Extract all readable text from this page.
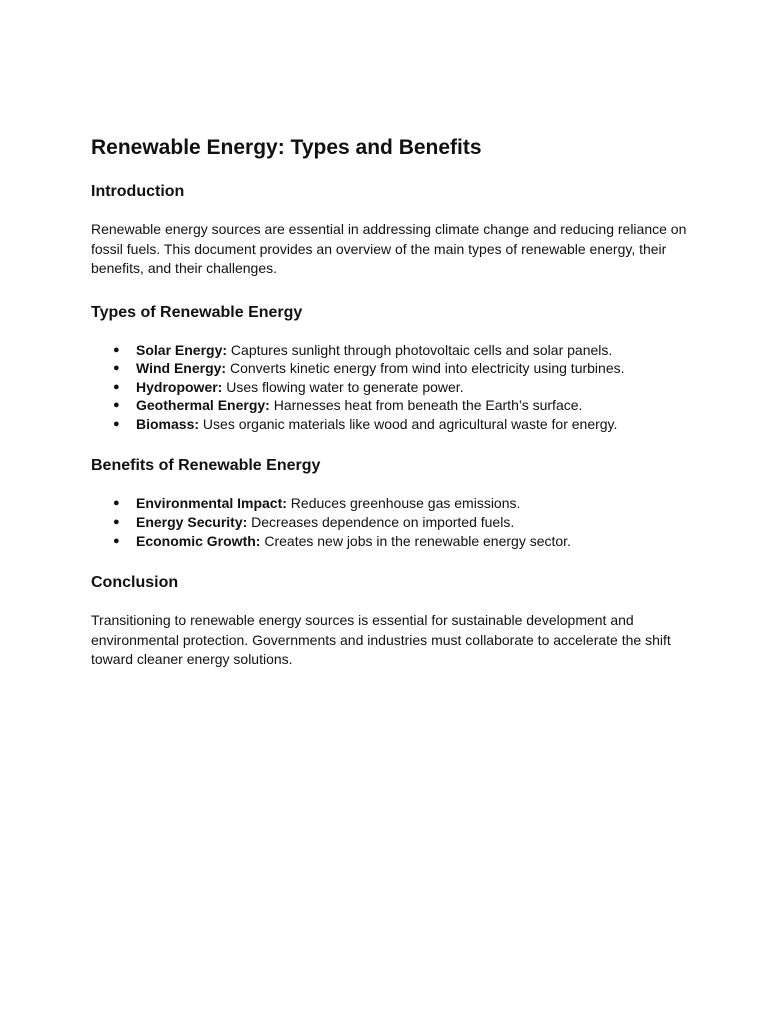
Renewable Energy: Types and Benefits
Introduction

Renewable energy sources are essential in addressing climate change and reducing reliance on fossil fuels. This document provides an overview of the main types of renewable energy, their benefits, and their challenges.

Types of Renewable Energy
● Solar Energy: Captures sunlight through photovoltaic cells and solar panels.
● Wind Energy: Converts kinetic energy from wind into electricity using turbines.
● Hydropower: Uses flowing water to generate power.
● Geothermal Energy: Harnesses heat from beneath the Earth’s surface.
● Biomass: Uses organic materials like wood and agricultural waste for energy.
Benefits of Renewable Energy
● Environmental Impact: Reduces greenhouse gas emissions.
● Energy Security: Decreases dependence on imported fuels.
● Economic Growth: Creates new jobs in the renewable energy sector.
Conclusion

Transitioning to renewable energy sources is essential for sustainable development and environmental protection. Governments and industries must collaborate to accelerate the shift toward cleaner energy solutions.
